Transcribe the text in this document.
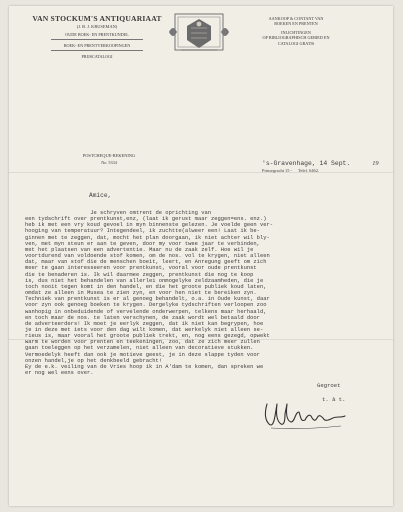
VAN STOCKUM'S ANTIQUARIAAT
(J. B. J. KRUSEMAN)
OUDE BOEK- EN PRENTKUNDEL
BOEK- EN PRENTVERKOOPINGEN
PRIJSCATALOGI
AANKOOP & CONTANT VAN
BOEKEN EN PRENTEN
INLICHTINGEN
OP BIBLIOGRAPHISCH GEBIED EN
CATALOGI GRATIS
POSTCHEQUE-REKENING
No. 5334	's-Gravenhage, 14 Sept.	19
Prinsegracht 15 - Telef. 6462.
Amice,
Je schryven omtrent de oprichting van
een tydschrift over prentkunst,enz, (laat ik gerust maar zeggen=ens. enz.)
heb ik met een vry koud gevoel in myn binnenste gelezen. Je voelde geen ver-
hooging van temperatuur? Integendeel, ik zuchtte(alweer een! Laat ik be-
ginnen met te zeggen, dat, mocht het plan doorgaan, ik niet achter wil bly-
ven, met myn steun er aan te geven, door my voor twee jaar te verbinden,
met het plaatsen van een advertentie. Maar nu de zaak zelf. Hoe wil je
voortdurend van voldoende stof komen, om de nos. vol te krygen, niet alleen
dat, maar van stof die de menschen boeit, leert, en Anregung geeft om zich
meer te gaan interesseeren voor prentkunst, vooral voor oude prentkunst
die te benaderen is. Ik wil daarmee zeggen, prentkunst die nog te koop
is, dus niet het behandelen van allerlei onmogelyke zeldzaamheden, die je
toch nooit tegen komt in den handel, en die het groote publiek koud laten,
omdat ze alleen in Musea te zien zyn, en voor hen niet te bereiken zyn.
Techniek van prentkunst is er al genoeg behandelt, o.a. in Oude kunst, daar
voor zyn ook genoeg boeken te krygen. Dergelyke tydschriften verloopen zoo
wanhopig in onbeduidende of vervelende onderwerpen, telkens maar herhaald,
en toch maar de nos. te laten verschynen, de zaak wordt wel betaald door
de adverteerders! Ik moet je eerlyk zeggen, dat ik niet kan begrypen, hoe
je in deze met iets voor den dag wilt komen, dat werkelyk niet alleen se-
rieus is, maar vooral het groote publiek trekt, en, nog eens gezegd, opwekt
warm te worden voor prenten en teekeningen, zoo, dat ze zich meer zullen
gaan toeleggen op het verzamelen, niet alleen van decoratieve stukken.
Vermoedelyk heeft dan ook je motieve geest, je in deze slappe tyden voor
onzen handel,je op het denkbeeld gebracht!
Ey de e.k. veiling van de Vries hoop ik in A'dam te komen, dan spreken we
er nog wel eens over.
Gegroet
t. à t.
